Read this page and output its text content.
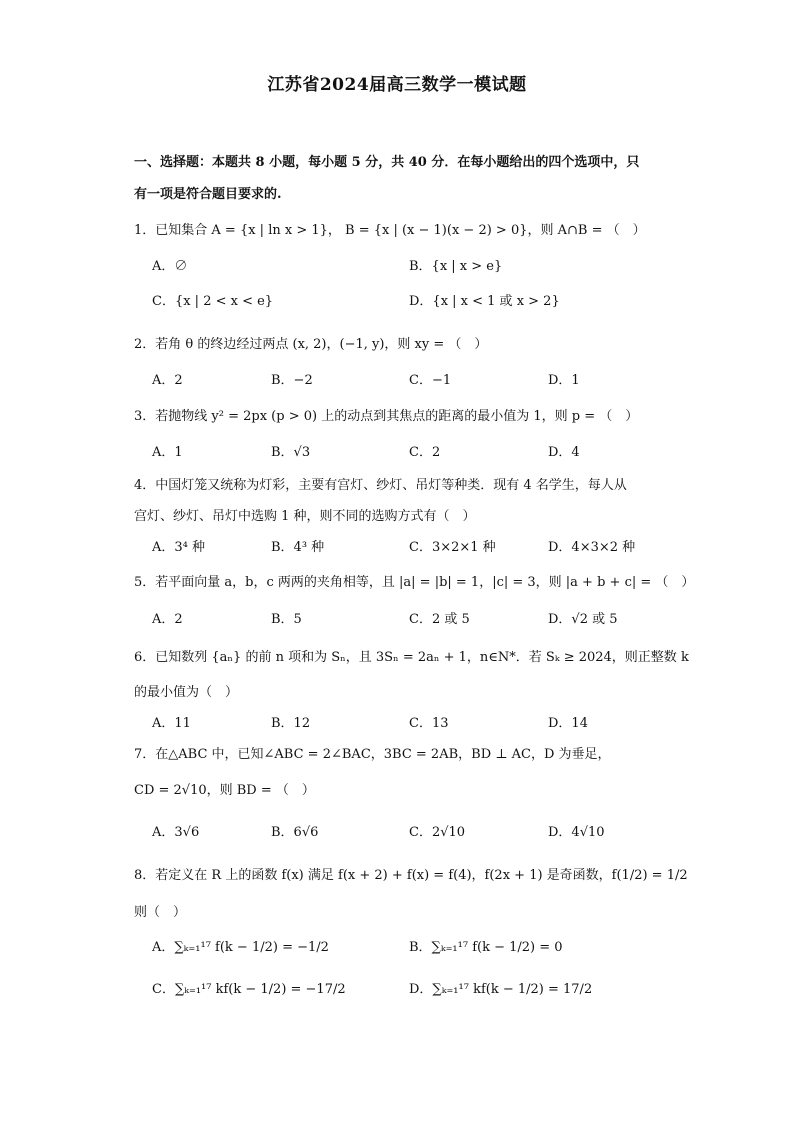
江苏省2024届高三数学一模试题
一、选择题：本题共 8 小题，每小题 5 分，共 40 分．在每小题给出的四个选项中，只
有一项是符合题目要求的.
1．已知集合 A = {x | ln x > 1}， B = {x | (x − 1)(x − 2) > 0}，则 A∩B = （　）
A．∅	B．{x | x > e}
C．{x | 2 < x < e}	D．{x | x < 1 或 x > 2}
2．若角 θ 的终边经过两点 (x, 2)，(−1, y)，则 xy = （　）
A．2	B．−2	C．−1	D．1
3．若抛物线 y² = 2px (p > 0) 上的动点到其焦点的距离的最小值为 1，则 p = （　）
A．1	B．√3	C．2	D．4
4．中国灯笼又统称为灯彩，主要有宫灯、纱灯、吊灯等种类．现有 4 名学生，每人从
宫灯、纱灯、吊灯中选购 1 种，则不同的选购方式有（　）
A．3⁴ 种	B．4³ 种	C．3×2×1 种	D．4×3×2 种
5．若平面向量 a，b，c 两两的夹角相等，且 |a| = |b| = 1，|c| = 3，则 |a + b + c| = （　）
A．2	B．5	C．2 或 5	D．√2 或 5
6．已知数列 {aₙ} 的前 n 项和为 Sₙ，且 3Sₙ = 2aₙ + 1，n∈N*．若 Sₖ ≥ 2024，则正整数 k
的最小值为（　）
A．11	B．12	C．13	D．14
7．在△ABC 中，已知∠ABC = 2∠BAC，3BC = 2AB，BD ⊥ AC，D 为垂足，
CD = 2√10，则 BD = （　）
A．3√6	B．6√6	C．2√10	D．4√10
8．若定义在 R 上的函数 f(x) 满足 f(x + 2) + f(x) = f(4)，f(2x + 1) 是奇函数，f(1/2) = 1/2
则（　）
A．∑ₖ₌₁¹⁷ f(k − 1/2) = −1/2	B．∑ₖ₌₁¹⁷ f(k − 1/2) = 0
C．∑ₖ₌₁¹⁷ kf(k − 1/2) = −17/2	D．∑ₖ₌₁¹⁷ kf(k − 1/2) = 17/2
